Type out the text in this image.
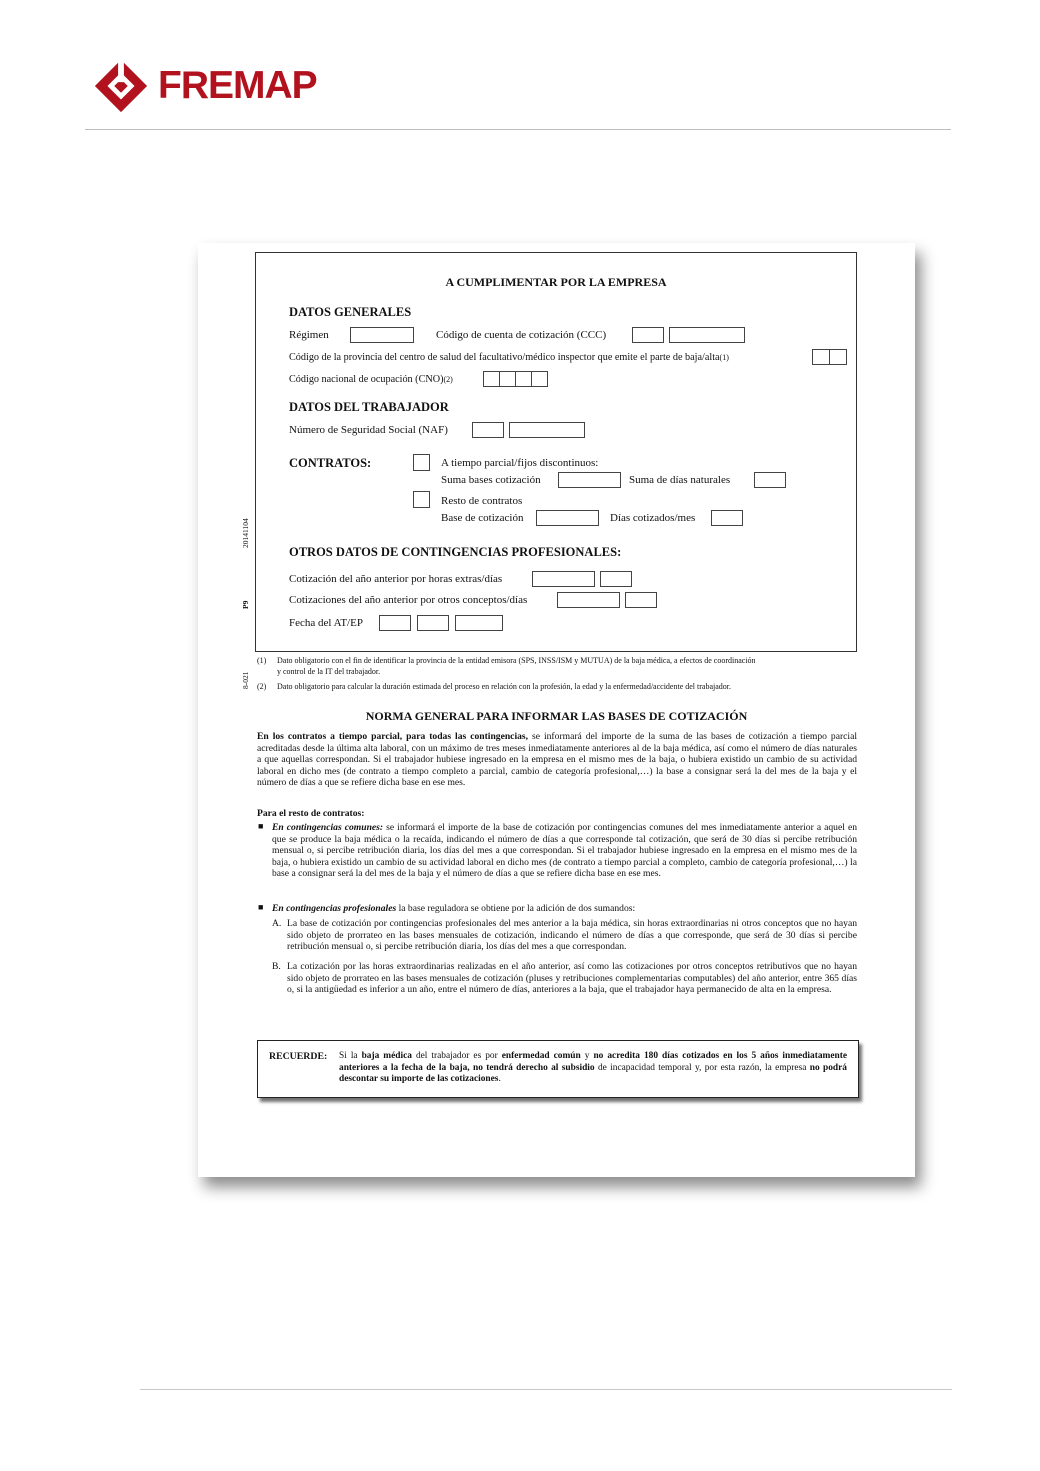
FREMAP
20141104
P9
8-021
A CUMPLIMENTAR POR LA EMPRESA
DATOS GENERALES
Régimen	Código de cuenta de cotización (CCC)
Código de la provincia del centro de salud del facultativo/médico inspector que emite el parte de baja/alta(1)
Código nacional de ocupación (CNO)(2)
DATOS DEL TRABAJADOR
Número de Seguridad Social (NAF)
CONTRATOS:	A tiempo parcial/fijos discontinuos:
Suma bases cotización	Suma de días naturales
Resto de contratos
Base de cotización	Días cotizados/mes
OTROS DATOS DE CONTINGENCIAS PROFESIONALES:
Cotización del año anterior por horas extras/días
Cotizaciones del año anterior por otros conceptos/días
Fecha del AT/EP
(1) Dato obligatorio con el fin de identificar la provincia de la entidad emisora (SPS, INSS/ISM y MUTUA) de la baja médica, a efectos de coordinación
y control de la IT del trabajador.
(2) Dato obligatorio para calcular la duración estimada del proceso en relación con la profesión, la edad y la enfermedad/accidente del trabajador.
NORMA GENERAL PARA INFORMAR LAS BASES DE COTIZACIÓN
En los contratos a tiempo parcial, para todas las contingencias, se informará del importe de la suma de las bases de cotización a tiempo parcial acreditadas desde la última alta laboral, con un máximo de tres meses inmediatamente anteriores al de la baja médica, así como el número de días naturales a que aquellas correspondan. Si el trabajador hubiese ingresado en la empresa en el mismo mes de la baja, o hubiera existido un cambio de su actividad laboral en dicho mes (de contrato a tiempo completo a parcial, cambio de categoría profesional,…) la base a consignar será la del mes de la baja y el número de días a que se refiere dicha base en ese mes.
Para el resto de contratos:
■ En contingencias comunes: se informará el importe de la base de cotización por contingencias comunes del mes inmediatamente anterior a aquel en que se produce la baja médica o la recaída, indicando el número de días a que corresponde tal cotización, que será de 30 días si percibe retribución mensual o, si percibe retribución diaria, los días del mes a que correspondan. Si el trabajador hubiese ingresado en la empresa en el mismo mes de la baja, o hubiera existido un cambio de su actividad laboral en dicho mes (de contrato a tiempo parcial a completo, cambio de categoría profesional,…) la base a consignar será la del mes de la baja y el número de días a que se refiere dicha base en ese mes.
■ En contingencias profesionales la base reguladora se obtiene por la adición de dos sumandos:
A. La base de cotización por contingencias profesionales del mes anterior a la baja médica, sin horas extraordinarias ni otros conceptos que no hayan sido objeto de prorrateo en las bases mensuales de cotización, indicando el número de días a que corresponde, que será de 30 días si percibe retribución mensual o, si percibe retribución diaria, los días del mes a que correspondan.
B. La cotización por las horas extraordinarias realizadas en el año anterior, así como las cotizaciones por otros conceptos retributivos que no hayan sido objeto de prorrateo en las bases mensuales de cotización (pluses y retribuciones complementarias computables) del año anterior, entre 365 días o, si la antigüedad es inferior a un año, entre el número de días, anteriores a la baja, que el trabajador haya permanecido de alta en la empresa.
RECUERDE: Si la baja médica del trabajador es por enfermedad común y no acredita 180 días cotizados en los 5 años inmediatamente anteriores a la fecha de la baja, no tendrá derecho al subsidio de incapacidad temporal y, por esta razón, la empresa no podrá descontar su importe de las cotizaciones.
